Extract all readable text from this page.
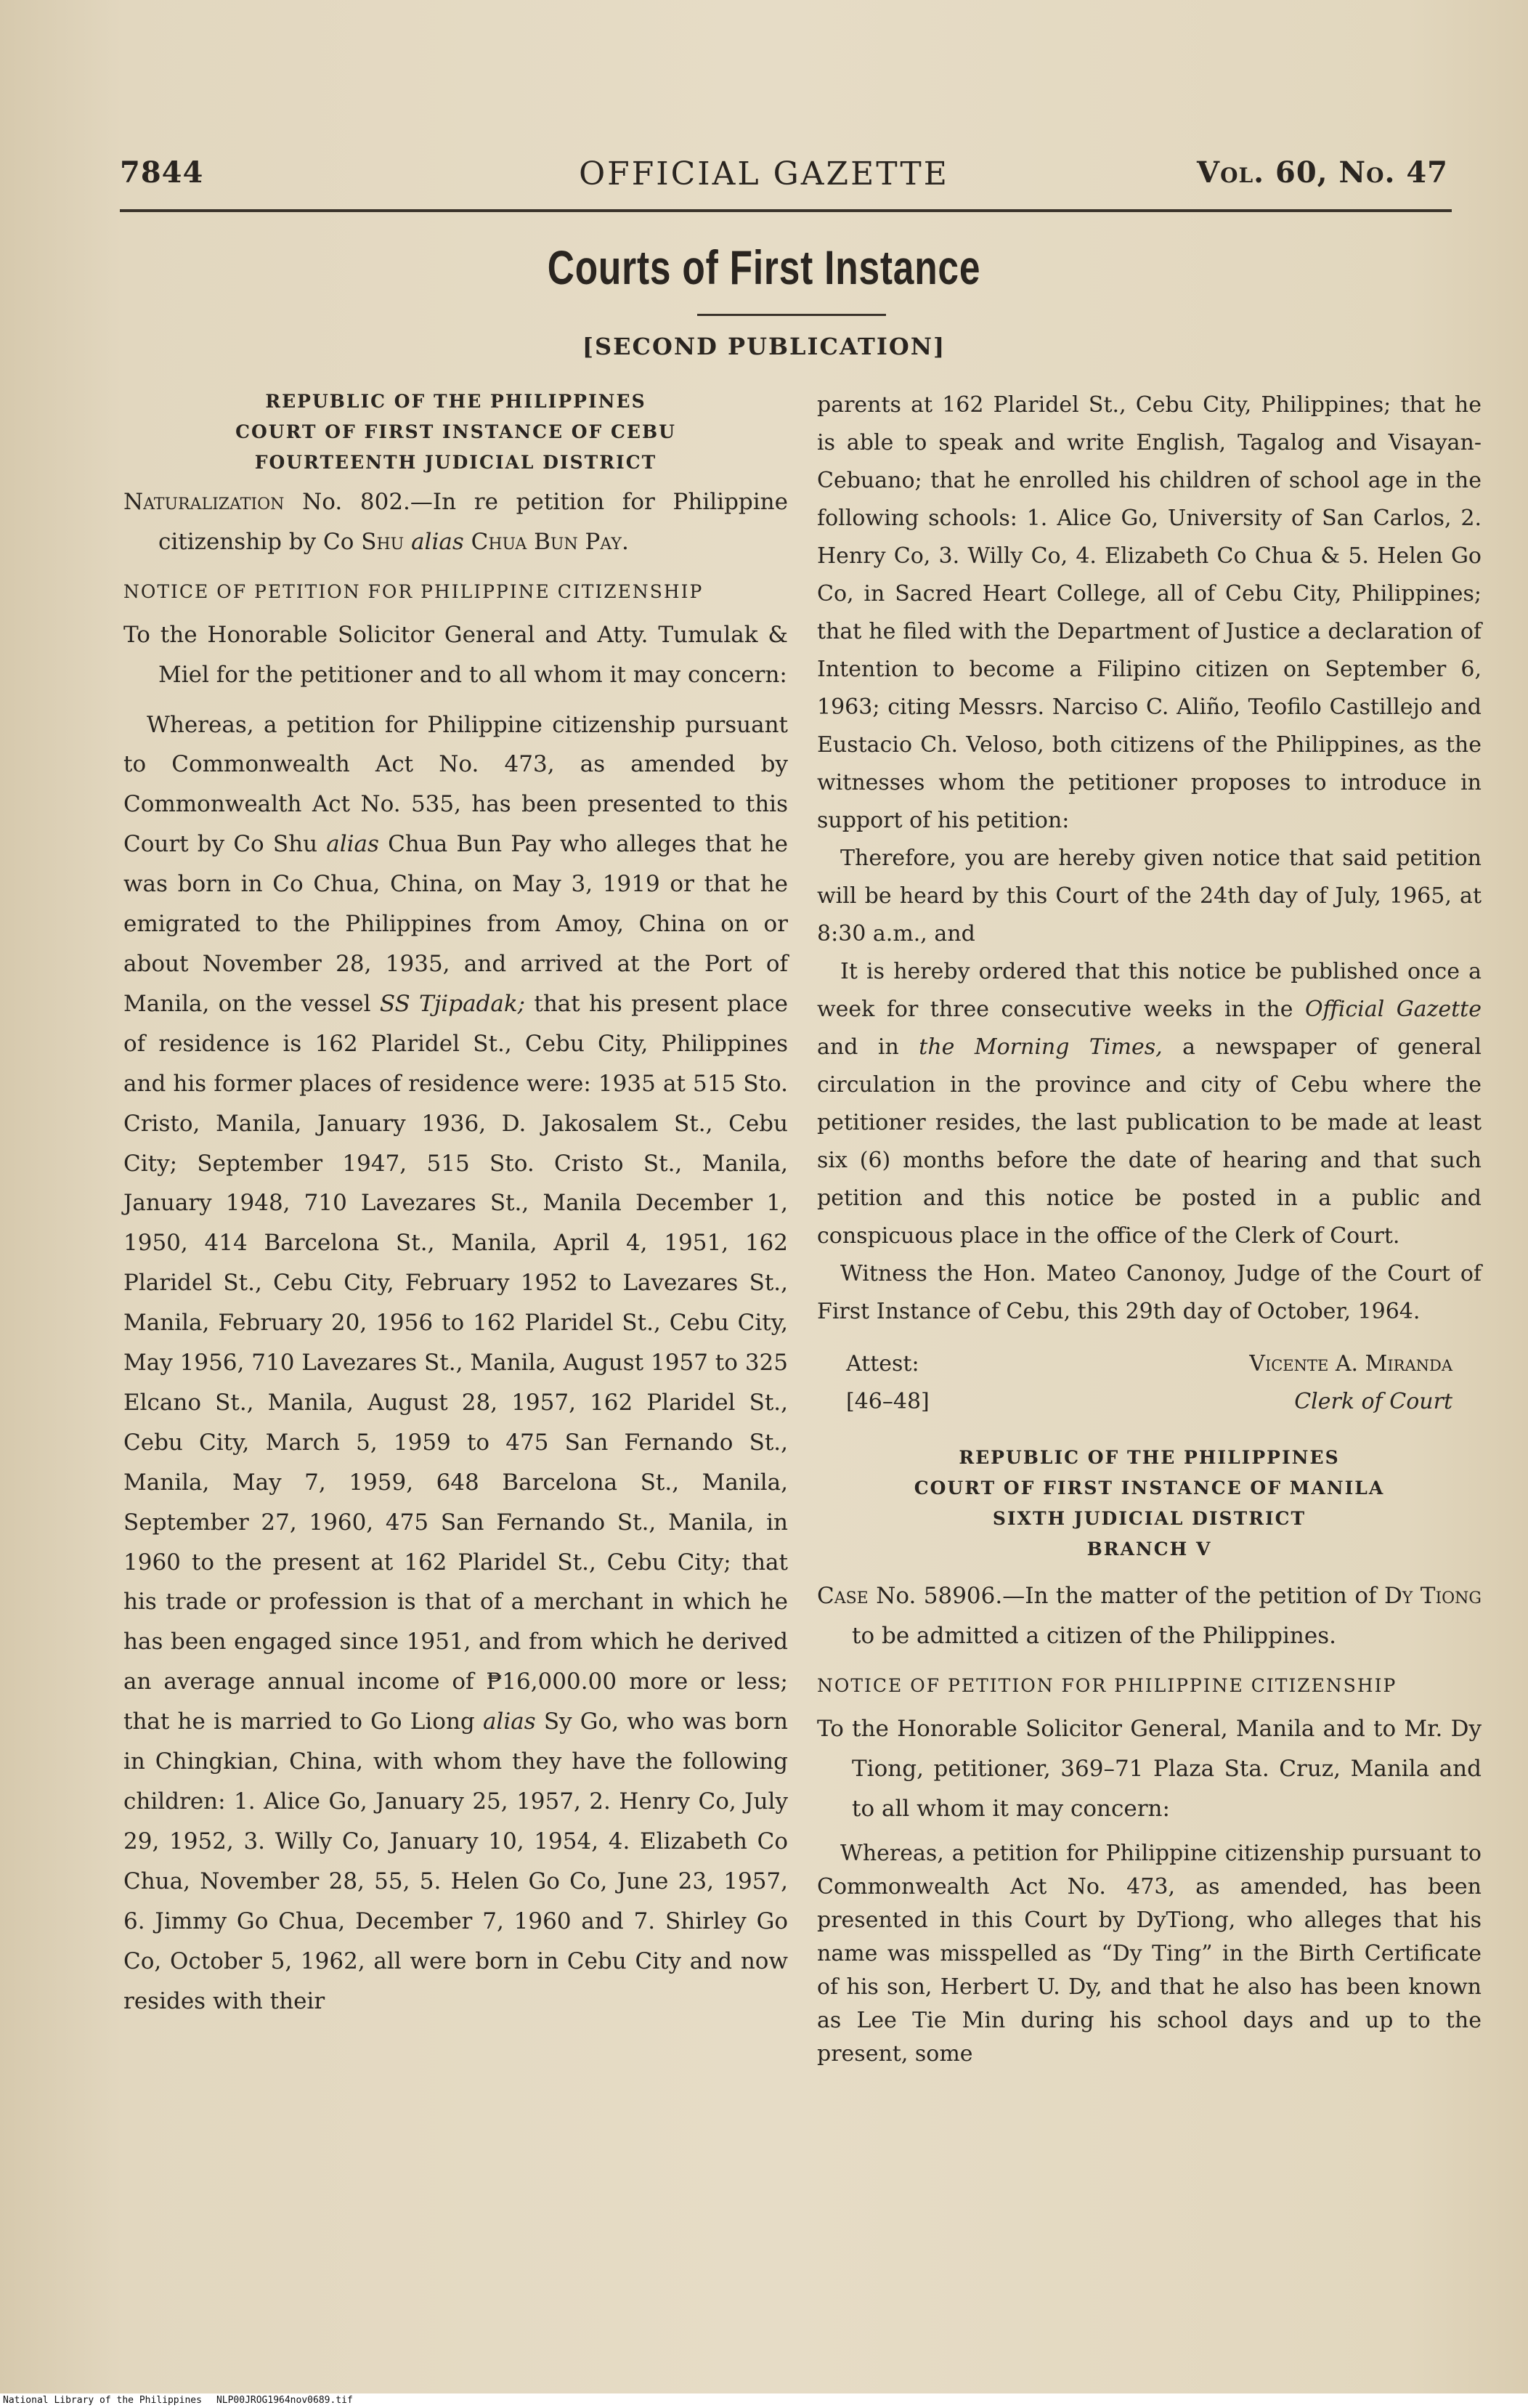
7844	OFFICIAL GAZETTE	Vol. 60, No. 47
Courts of First Instance
[SECOND PUBLICATION]
REPUBLIC OF THE PHILIPPINES
COURT OF FIRST INSTANCE OF CEBU
FOURTEENTH JUDICIAL DISTRICT

Naturalization No. 802.—In re petition for Philippine citizenship by Co Shu alias Chua Bun Pay.

NOTICE OF PETITION FOR PHILIPPINE CITIZENSHIP

To the Honorable Solicitor General and Atty. Tumulak & Miel for the petitioner and to all whom it may concern:

Whereas, a petition for Philippine citizenship pursuant to Commonwealth Act No. 473, as amended by Commonwealth Act No. 535, has been presented to this Court by Co Shu alias Chua Bun Pay who alleges that he was born in Co Chua, China, on May 3, 1919 or that he emigrated to the Philippines from Amoy, China on or about November 28, 1935, and arrived at the Port of Manila, on the vessel SS Tjipadak; that his present place of residence is 162 Plaridel St., Cebu City, Philippines and his former places of residence were: 1935 at 515 Sto. Cristo, Manila, January 1936, D. Jakosalem St., Cebu City; September 1947, 515 Sto. Cristo St., Manila, January 1948, 710 Lavezares St., Manila December 1, 1950, 414 Barcelona St., Manila, April 4, 1951, 162 Plaridel St., Cebu City, February 1952 to Lavezares St., Manila, February 20, 1956 to 162 Plaridel St., Cebu City, May 1956, 710 Lavezares St., Manila, August 1957 to 325 Elcano St., Manila, August 28, 1957, 162 Plaridel St., Cebu City, March 5, 1959 to 475 San Fernando St., Manila, May 7, 1959, 648 Barcelona St., Manila, September 27, 1960, 475 San Fernando St., Manila, in 1960 to the present at 162 Plaridel St., Cebu City; that his trade or profession is that of a merchant in which he has been engaged since 1951, and from which he derived an average annual income of ₱16,000.00 more or less; that he is married to Go Liong alias Sy Go, who was born in Chingkian, China, with whom they have the following children: 1. Alice Go, January 25, 1957, 2. Henry Co, July 29, 1952, 3. Willy Co, January 10, 1954, 4. Elizabeth Co Chua, November 28, 55, 5. Helen Go Co, June 23, 1957, 6. Jimmy Go Chua, December 7, 1960 and 7. Shirley Go Co, October 5, 1962, all were born in Cebu City and now resides with their

parents at 162 Plaridel St., Cebu City, Philippines; that he is able to speak and write English, Tagalog and Visayan-Cebuano; that he enrolled his children of school age in the following schools: 1. Alice Go, University of San Carlos, 2. Henry Co, 3. Willy Co, 4. Elizabeth Co Chua & 5. Helen Go Co, in Sacred Heart College, all of Cebu City, Philippines; that he filed with the Department of Justice a declaration of Intention to become a Filipino citizen on September 6, 1963; citing Messrs. Narciso C. Aliño, Teofilo Castillejo and Eustacio Ch. Veloso, both citizens of the Philippines, as the witnesses whom the petitioner proposes to introduce in support of his petition:

Therefore, you are hereby given notice that said petition will be heard by this Court of the 24th day of July, 1965, at 8:30 a.m., and

It is hereby ordered that this notice be published once a week for three consecutive weeks in the Official Gazette and in the Morning Times, a newspaper of general circulation in the province and city of Cebu where the petitioner resides, the last publication to be made at least six (6) months before the date of hearing and that such petition and this notice be posted in a public and conspicuous place in the office of the Clerk of Court.

Witness the Hon. Mateo Canonoy, Judge of the Court of First Instance of Cebu, this 29th day of October, 1964.

Attest:
[46–48]
Vicente A. Miranda
Clerk of Court
REPUBLIC OF THE PHILIPPINES
COURT OF FIRST INSTANCE OF MANILA
SIXTH JUDICIAL DISTRICT
BRANCH V

Case No. 58906.—In the matter of the petition of Dy Tiong to be admitted a citizen of the Philippines.

NOTICE OF PETITION FOR PHILIPPINE CITIZENSHIP

To the Honorable Solicitor General, Manila and to Mr. Dy Tiong, petitioner, 369–71 Plaza Sta. Cruz, Manila and to all whom it may concern:

Whereas, a petition for Philippine citizenship pursuant to Commonwealth Act No. 473, as amended, has been presented in this Court by DyTiong, who alleges that his name was misspelled as “Dy Ting” in the Birth Certificate of his son, Herbert U. Dy, and that he also has been known as Lee Tie Min during his school days and up to the present, some

National Library of the Philippines NLP00JROG1964nov0689.tif
